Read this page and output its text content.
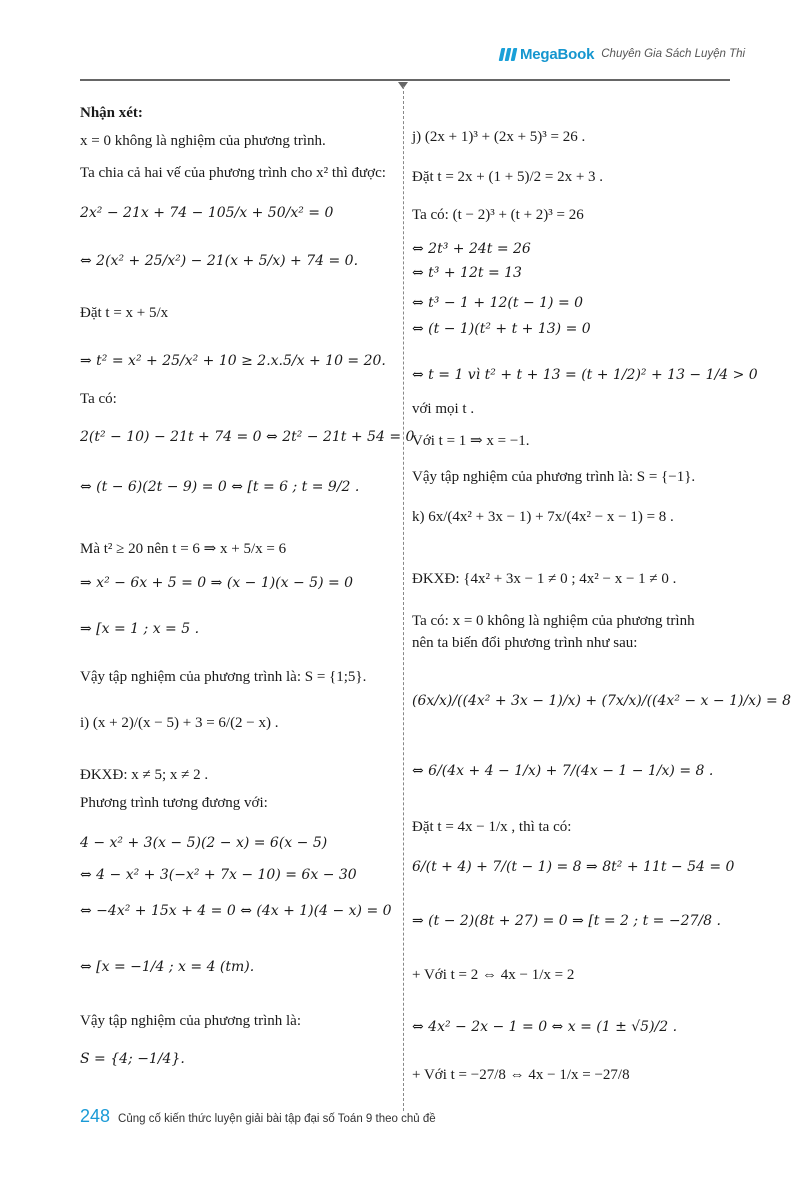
MegaBook Chuyên Gia Sách Luyện Thi
Nhận xét:
x = 0 không là nghiệm của phương trình.
Ta chia cả hai vế của phương trình cho x² thì được:
2x² − 21x + 74 − 105/x + 50/x² = 0
⇔ 2(x² + 25/x²) − 21(x + 5/x) + 74 = 0.
Đặt t = x + 5/x
⇒ t² = x² + 25/x² + 10 ≥ 2.x.5/x + 10 = 20.
Ta có:
2(t² − 10) − 21t + 74 = 0 ⇔ 2t² − 21t + 54 = 0
⇔ (t − 6)(2t − 9) = 0 ⇔ [t = 6 ; t = 9/2 .
Mà t² ≥ 20 nên t = 6 ⇒ x + 5/x = 6
⇒ x² − 6x + 5 = 0 ⇒ (x − 1)(x − 5) = 0
⇒ [x = 1 ; x = 5 .
Vậy tập nghiệm của phương trình là: S = {1;5}.
i) (x + 2)/(x − 5) + 3 = 6/(2 − x) .
ĐKXĐ: x ≠ 5; x ≠ 2 .
Phương trình tương đương với:
4 − x² + 3(x − 5)(2 − x) = 6(x − 5)
⇔ 4 − x² + 3(−x² + 7x − 10) = 6x − 30
⇔ −4x² + 15x + 4 = 0 ⇔ (4x + 1)(4 − x) = 0
⇔ [x = −1/4 ; x = 4 (tm).
Vậy tập nghiệm của phương trình là:
S = {4; −1/4}.
j) (2x + 1)³ + (2x + 5)³ = 26 .
Đặt t = 2x + (1 + 5)/2 = 2x + 3 .
Ta có: (t − 2)³ + (t + 2)³ = 26
⇔ 2t³ + 24t = 26
⇔ t³ + 12t = 13
⇔ t³ − 1 + 12(t − 1) = 0
⇔ (t − 1)(t² + t + 13) = 0
⇔ t = 1 vì t² + t + 13 = (t + 1/2)² + 13 − 1/4 > 0
với mọi t .
Với t = 1 ⇒ x = −1.
Vậy tập nghiệm của phương trình là: S = {−1}.
k) 6x/(4x² + 3x − 1) + 7x/(4x² − x − 1) = 8 .
ĐKXĐ: {4x² + 3x − 1 ≠ 0 ; 4x² − x − 1 ≠ 0 .
Ta có: x = 0 không là nghiệm của phương trình
nên ta biến đổi phương trình như sau:
(6x/x)/((4x² + 3x − 1)/x) + (7x/x)/((4x² − x − 1)/x) = 8
⇔ 6/(4x + 4 − 1/x) + 7/(4x − 1 − 1/x) = 8 .
Đặt t = 4x − 1/x , thì ta có:
6/(t + 4) + 7/(t − 1) = 8 ⇒ 8t² + 11t − 54 = 0
⇒ (t − 2)(8t + 27) = 0 ⇒ [t = 2 ; t = −27/8 .
+ Với t = 2 ⇔ 4x − 1/x = 2
⇔ 4x² − 2x − 1 = 0 ⇔ x = (1 ± √5)/2 .
+ Với t = −27/8 ⇔ 4x − 1/x = −27/8
248 Củng cố kiến thức luyện giải bài tập đại số Toán 9 theo chủ đề
